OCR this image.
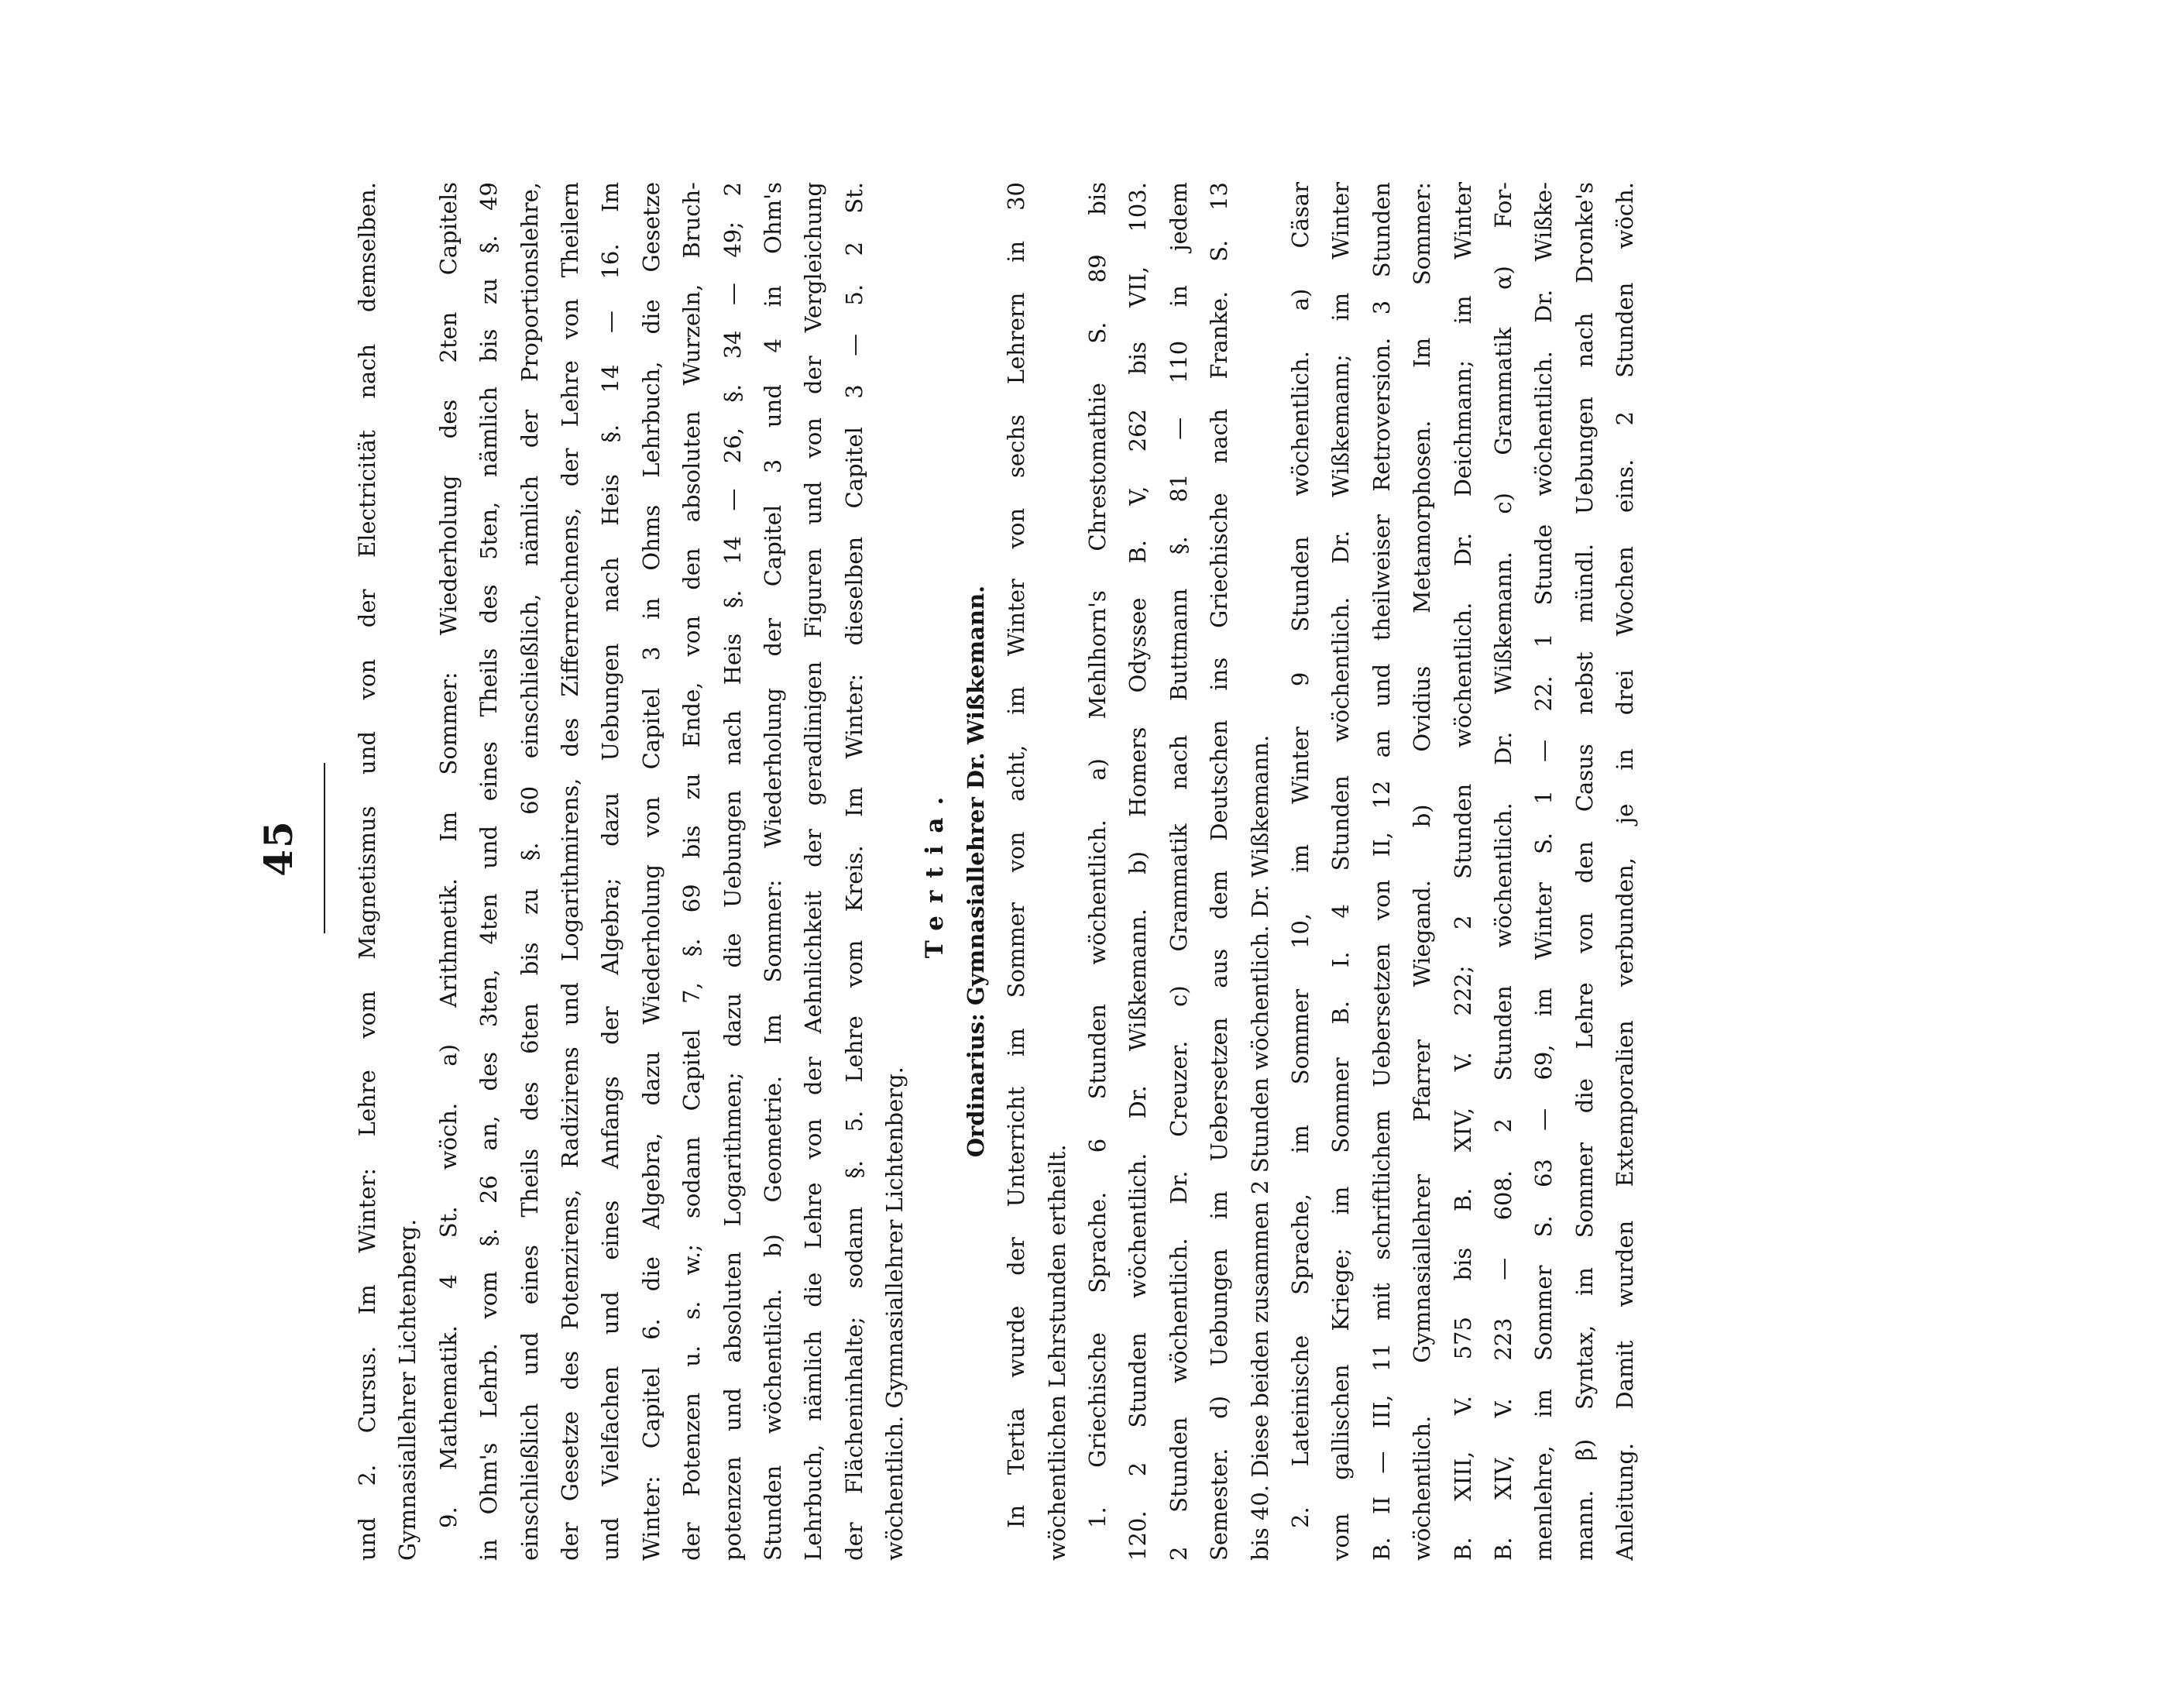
45	und 2. Cursus. Im Winter: Lehre vom Magnetismus und von der Electricität nach demselben. Gymnasiallehrer Lichtenberg. 9. Mathematik. 4 St. wöch. a) Arithmetik. Im Sommer: Wiederholung des 2ten Capitels in Ohm's Lehrb. vom §. 26 an, des 3ten, 4ten und eines Theils des 5ten, nämlich bis zu §. 49 einschließlich und eines Theils des 6ten bis zu §. 60 einschließlich, nämlich der Proportionslehre, der Gesetze des Potenzirens, Radizirens und Logarithmirens, des Ziffernrechnens, der Lehre von Theilern und Vielfachen und eines Anfangs der Algebra; dazu Uebungen nach Heis §. 14 — 16. Im Winter: Capitel 6. die Algebra, dazu Wiederholung von Capitel 3 in Ohms Lehrbuch, die Gesetze der Potenzen u. s. w.; sodann Capitel 7, §. 69 bis zu Ende, von den absoluten Wurzeln, Bruch- potenzen und absoluten Logarithmen; dazu die Uebungen nach Heis §. 14 — 26, §. 34 — 49; 2 Stunden wöchentlich. b) Geometrie. Im Sommer: Wiederholung der Capitel 3 und 4 in Ohm's Lehrbuch, nämlich die Lehre von der Aehnlichkeit der geradlinigen Figuren und von der Vergleichung der Flächeninhalte; sodann §. 5. Lehre vom Kreis. Im Winter: dieselben Capitel 3 — 5. 2 St. wöchentlich. Gymnasiallehrer Lichtenberg.
Tertia. Ordinarius: Gymnasiallehrer Dr. Wißkemann. In Tertia wurde der Unterricht im Sommer von acht, im Winter von sechs Lehrern in 30 wöchentlichen Lehrstunden ertheilt. 1. Griechische Sprache. 6 Stunden wöchentlich. a) Mehlhorn's Chrestomathie S. 89 bis 120. 2 Stunden wöchentlich. Dr. Wißkemann. b) Homers Odyssee B. V, 262 bis VII, 103. 2 Stunden wöchentlich. Dr. Creuzer. c) Grammatik nach Buttmann §. 81 — 110 in jedem Semester. d) Uebungen im Uebersetzen aus dem Deutschen ins Griechische nach Franke. S. 13 bis 40. Diese beiden zusammen 2 Stunden wöchentlich. Dr. Wißkemann. 2. Lateinische Sprache, im Sommer 10, im Winter 9 Stunden wöchentlich. a) Cäsar vom gallischen Kriege; im Sommer B. I. 4 Stunden wöchentlich. Dr. Wißkemann; im Winter B. II — III, 11 mit schriftlichem Uebersetzen von II, 12 an und theilweiser Retroversion. 3 Stunden wöchentlich. Gymnasiallehrer Pfarrer Wiegand. b) Ovidius Metamorphosen. Im Sommer: B. XIII, V. 575 bis B. XIV, V. 222; 2 Stunden wöchentlich. Dr. Deichmann; im Winter B. XIV, V. 223 — 608. 2 Stunden wöchentlich. Dr. Wißkemann. c) Grammatik α) For- menlehre, im Sommer S. 63 — 69, im Winter S. 1 — 22. 1 Stunde wöchentlich. Dr. Wißke- mann. β) Syntax, im Sommer die Lehre von den Casus nebst mündl. Uebungen nach Dronke's Anleitung. Damit wurden Extemporalien verbunden, je in drei Wochen eins. 2 Stunden wöch.
